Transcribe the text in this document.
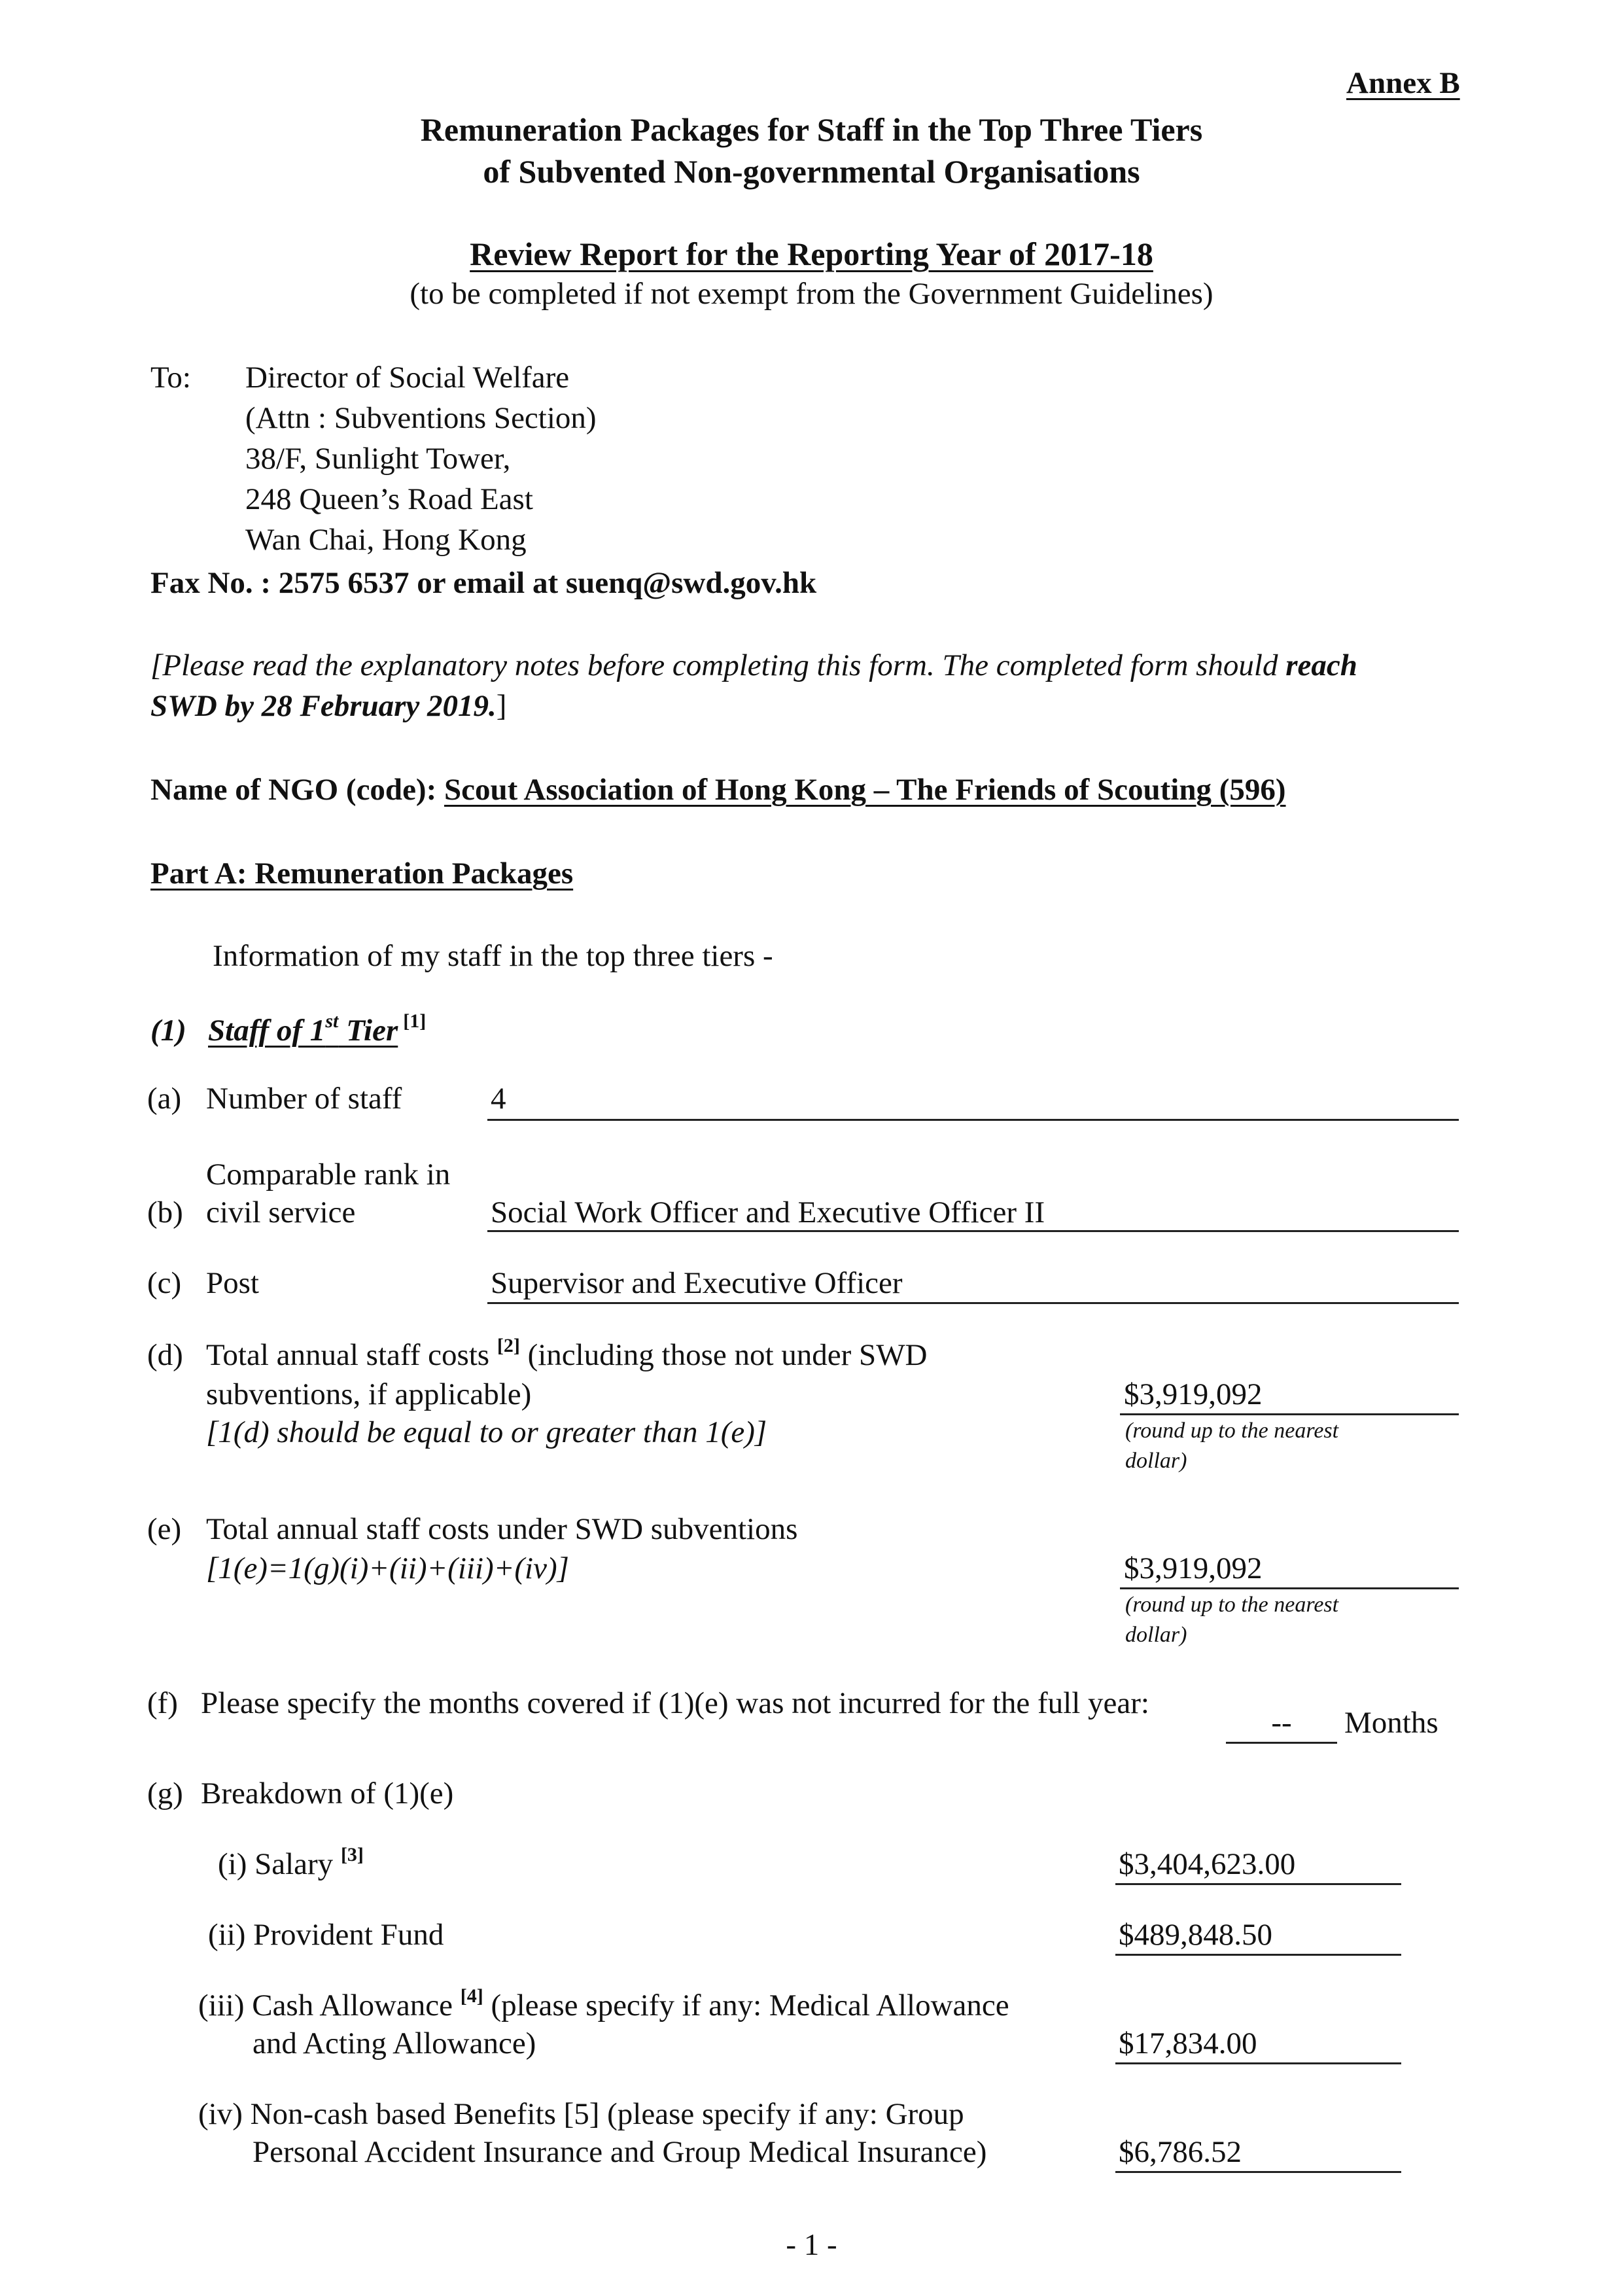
Annex B
Remuneration Packages for Staff in the Top Three Tiers
of Subvented Non-governmental Organisations
Review Report for the Reporting Year of 2017-18
(to be completed if not exempt from the Government Guidelines)
To: Director of Social Welfare
(Attn : Subventions Section)
38/F, Sunlight Tower,
248 Queen’s Road East
Wan Chai, Hong Kong
Fax No. : 2575 6537 or email at suenq@swd.gov.hk
[Please read the explanatory notes before completing this form. The completed form should reach
SWD by 28 February 2019.]
Name of NGO (code): Scout Association of Hong Kong – The Friends of Scouting (596)
Part A: Remuneration Packages
Information of my staff in the top three tiers -
(1) Staff of 1st Tier [1]
(a) Number of staff	4
Comparable rank in
(b) civil service	Social Work Officer and Executive Officer II
(c) Post	Supervisor and Executive Officer
(d) Total annual staff costs [2] (including those not under SWD
subventions, if applicable)
[1(d) should be equal to or greater than 1(e)]
$3,919,092
(round up to the nearest
dollar)
(e) Total annual staff costs under SWD subventions
[1(e)=1(g)(i)+(ii)+(iii)+(iv)]	$3,919,092
(round up to the nearest
dollar)
(f) Please specify the months covered if (1)(e) was not incurred for the full year:
--	Months
(g) Breakdown of (1)(e)
(i) Salary [3]	$3,404,623.00
(ii) Provident Fund	$489,848.50
(iii) Cash Allowance [4] (please specify if any: Medical Allowance
and Acting Allowance)	$17,834.00
(iv) Non-cash based Benefits [5] (please specify if any: Group
Personal Accident Insurance and Group Medical Insurance)	$6,786.52
- 1 -
